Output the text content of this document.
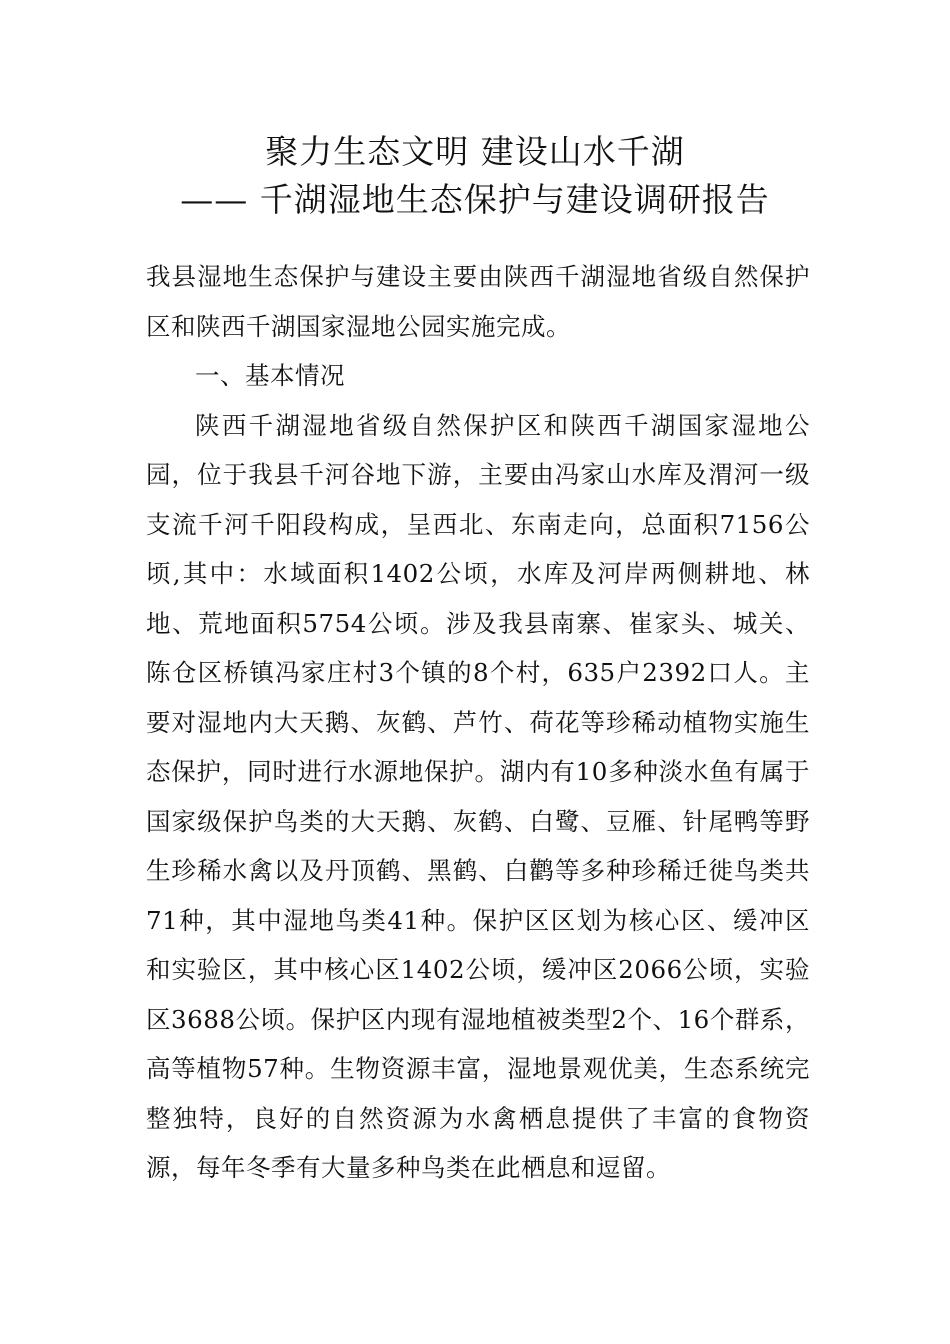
聚力生态文明 建设山水千湖
—— 千湖湿地生态保护与建设调研报告

我县湿地生态保护与建设主要由陕西千湖湿地省级自然保护区和陕西千湖国家湿地公园实施完成。

一、基本情况

陕西千湖湿地省级自然保护区和陕西千湖国家湿地公园，位于我县千河谷地下游，主要由冯家山水库及渭河一级支流千河千阳段构成，呈西北、东南走向，总面积7156公顷,其中：水域面积1402公顷，水库及河岸两侧耕地、林地、荒地面积5754公顷。涉及我县南寨、崔家头、城关、陈仓区桥镇冯家庄村3个镇的8个村，635户2392口人。主要对湿地内大天鹅、灰鹤、芦竹、荷花等珍稀动植物实施生态保护，同时进行水源地保护。湖内有10多种淡水鱼有属于国家级保护鸟类的大天鹅、灰鹤、白鹭、豆雁、针尾鸭等野生珍稀水禽以及丹顶鹤、黑鹤、白鹳等多种珍稀迁徙鸟类共71种，其中湿地鸟类41种。保护区区划为核心区、缓冲区和实验区，其中核心区1402公顷，缓冲区2066公顷，实验区3688公顷。保护区内现有湿地植被类型2个、16个群系，高等植物57种。生物资源丰富，湿地景观优美，生态系统完整独特，良好的自然资源为水禽栖息提供了丰富的食物资源，每年冬季有大量多种鸟类在此栖息和逗留。
